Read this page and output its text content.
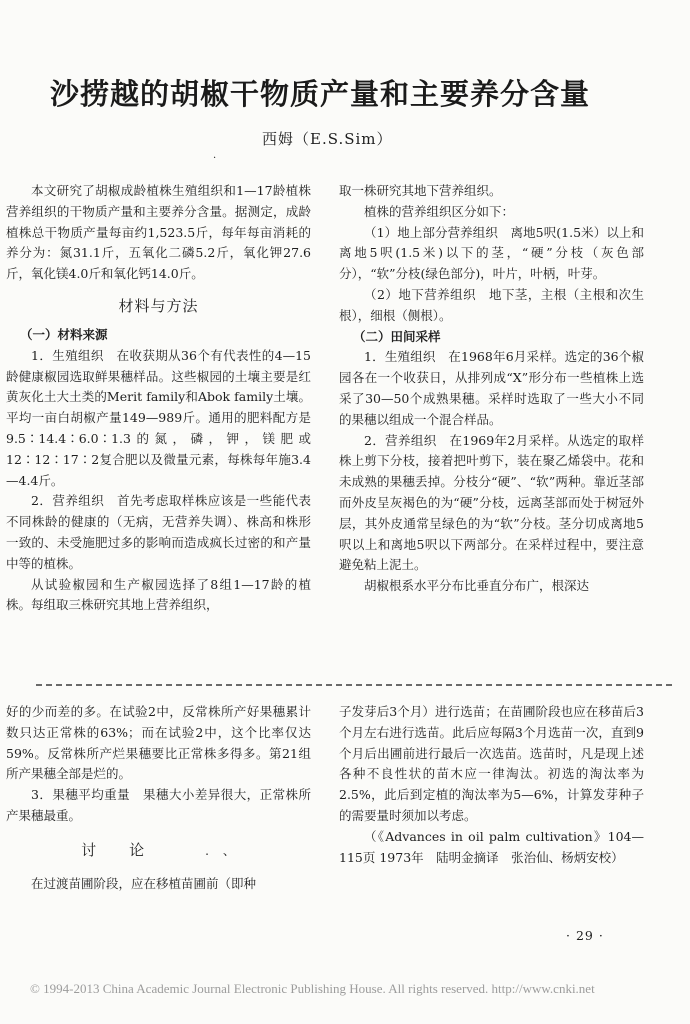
沙捞越的胡椒干物质产量和主要养分含量
西姆（E.S.Sim）
.

本文研究了胡椒成龄植株生殖组织和1—17龄植株营养组织的干物质产量和主要养分含量。据测定，成龄植株总干物质产量每亩约1,523.5斤，每年每亩消耗的养分为：氮31.1斤，五氧化二磷5.2斤，氧化钾27.6斤，氧化镁4.0斤和氧化钙14.0斤。

材料与方法
（一）材料来源

1．生殖组织　在收获期从36个有代表性的4—15龄健康椒园选取鲜果穗样品。这些椒园的土壤主要是红黄灰化土大土类的Merit family和Abok family土壤。平均一亩白胡椒产量149—989斤。通用的肥料配方是9.5∶14.4∶6.0∶1.3的氮，磷，钾，镁肥或12∶12∶17∶2复合肥以及微量元素，每株每年施3.4—4.4斤。

2．营养组织　首先考虑取样株应该是一些能代表不同株龄的健康的（无病，无营养失调）、株高和株形一致的、未受施肥过多的影响而造成疯长过密的和产量中等的植株。

从试验椒园和生产椒园选择了8组1—17龄的植株。每组取三株研究其地上营养组织，

取一株研究其地下营养组织。

植株的营养组织区分如下：

（1）地上部分营养组织　离地5呎(1.5米）以上和离地5呎(1.5米)以下的茎，“硬”分枝（灰色部分），“软”分枝(绿色部分)，叶片，叶柄，叶芽。

（2）地下营养组织　地下茎，主根（主根和次生根），细根（侧根）。

（二）田间采样

1．生殖组织　在1968年6月采样。选定的36个椒园各在一个收获日，从排列成“X”形分布一些植株上选采了30—50个成熟果穗。采样时选取了一些大小不同的果穗以组成一个混合样品。

2．营养组织　在1969年2月采样。从选定的取样株上剪下分枝，接着把叶剪下，装在聚乙烯袋中。花和未成熟的果穗丢掉。分枝分“硬”、“软”两种。靠近茎部而外皮呈灰褐色的为“硬”分枝，远离茎部而处于树冠外层，其外皮通常呈绿色的为“软”分枝。茎分切成离地5呎以上和离地5呎以下两部分。在采样过程中，要注意避免粘上泥土。

胡椒根系水平分布比垂直分布广，根深达

好的少而差的多。在试验2中，反常株所产好果穗累计数只达正常株的63%；而在试验2中，这个比率仅达59%。反常株所产烂果穗要比正常株多得多。第21组所产果穗全部是烂的。

3．果穗平均重量　果穗大小差异很大，正常株所产果穗最重。

讨　　论	.　、

在过渡苗圃阶段，应在移植苗圃前（即种

子发芽后3个月）进行选苗；在苗圃阶段也应在移苗后3个月左右进行选苗。此后应每隔3个月选苗一次，直到9个月后出圃前进行最后一次选苗。选苗时，凡是现上述各种不良性状的苗木应一律淘汰。初选的淘汰率为2.5%，此后到定植的淘汰率为5—6%，计算发芽种子的需要量时须加以考虑。

（《Advances in oil palm cultivation》104—115页 1973年　陆明金摘译　张治仙、杨炳安校）

· 29 ·
© 1994-2013 China Academic Journal Electronic Publishing House. All rights reserved. http://www.cnki.net
